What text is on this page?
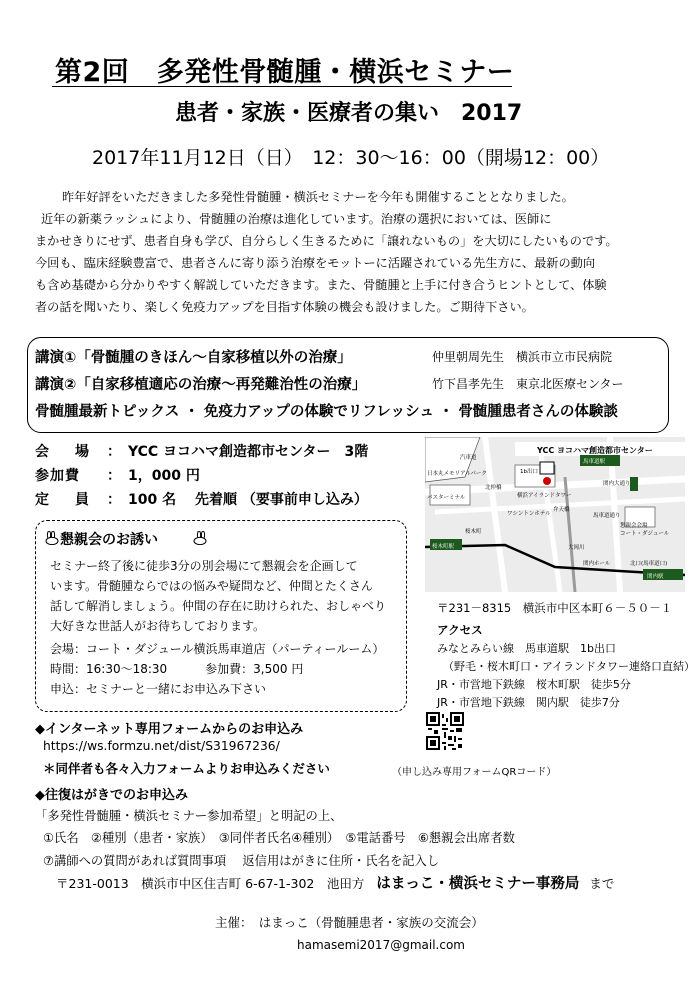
第2回　多発性骨髄腫・横浜セミナー
患者・家族・医療者の集い　2017
2017年11月12日（日）　12：30～16：00（開場12：00）

昨年好評をいただきました多発性骨髄腫・横浜セミナーを今年も開催することとなりました。

近年の新薬ラッシュにより、骨髄腫の治療は進化しています。治療の選択においては、医師に

まかせきりにせず、患者自身も学び、自分らしく生きるために「譲れないもの」を大切にしたいものです。

今回も、臨床経験豊富で、患者さんに寄り添う治療をモットーに活躍されている先生方に、最新の動向

も含め基礎から分かりやすく解説していただきます。また、骨髄腫と上手に付き合うヒントとして、体験

者の話を聞いたり、楽しく免疫力アップを目指す体験の機会も設けました。ご期待下さい。

講演①「骨髄腫のきほん～自家移植以外の治療」	仲里朝周先生　横浜市立市民病院
講演②「自家移植適応の治療～再発難治性の治療」	竹下昌孝先生　東京北医療センター
骨髄腫最新トピックス ・ 免疫力アップの体験でリフレッシュ ・ 骨髄腫患者さんの体験談
会　場 ：　YCC ヨコハマ創造都市センター　3階
参加費 ：　1，000 円
定　員 ：　100 名　 先着順 （要事前申し込み）
懇親会のお誘い
セミナー終了後に徒歩3分の別会場にて懇親会を企画して
います。骨髄腫ならではの悩みや疑問など、仲間とたくさん
話して解消しましょう。仲間の存在に助けられた、おしゃべり
大好きな世話人がお待ちしております。
会場：コート・ダジュール横浜馬車道店（パーティールーム）
時間：16:30～18:30	参加費：3,500 円
申込：セミナーと一緒にお申込み下さい
YCC ヨコハマ創造都市センター
汽車道
日本丸メモリアルパーク	1b出口
馬車道駅
北仲橋
横浜アイランドタワー
パスターミナル
ワシントンホテル
弁天橋
関内大通り
懇親会会場
コート・ダジュール
馬車道通り
大岡川
関内ホール
桜木町
桜木町駅
北口(馬車道口)
関内駅
〒231－8315　横浜市中区本町６－５０－１
アクセス
みなとみらい線　馬車道駅　1b出口
（野毛・桜木町口・アイランドタワー連絡口直結）
JR・市営地下鉄線　桜木町駅　徒歩5分
JR・市営地下鉄線　関内駅　徒歩7分
◆インターネット専用フォームからのお申込み
https://ws.formzu.net/dist/S31967236/
＊同伴者も各々入力フォームよりお申込みください	（申し込み専用フォームQRコード）
◆往復はがきでのお申込み
「多発性骨髄腫・横浜セミナー参加希望」と明記の上、
①氏名　②種別（患者・家族）　③同伴者氏名④種別）　⑤電話番号　⑥懇親会出席者数
⑦講師への質問があれば質問事項　 返信用はがきに住所・氏名を記入し
〒231-0013　横浜市中区住吉町 6-67-1-302　池田方 はまっこ・横浜セミナー事務局 まで
主催：　はまっこ（骨髄腫患者・家族の交流会）
hamasemi2017@gmail.com
